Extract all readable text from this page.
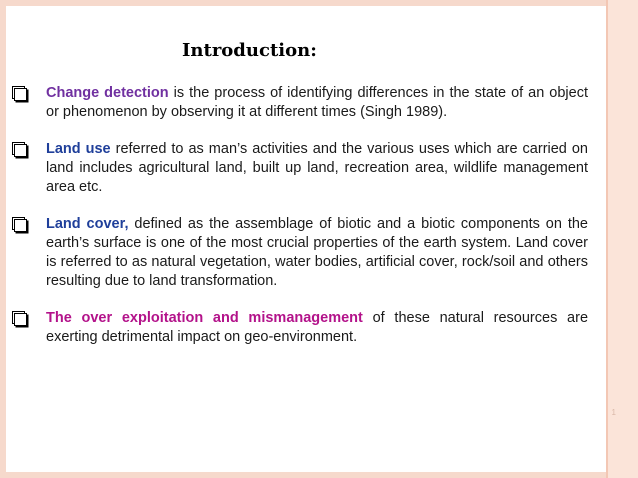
Introduction:
Change detection is the process of identifying differences in the state of an object or phenomenon by observing it at different times (Singh 1989).
Land use referred to as man’s activities and the various uses which are carried on land includes agricultural land, built up land, recreation area, wildlife management area etc.
Land cover, defined as the assemblage of biotic and a biotic components on the earth’s surface is one of the most crucial properties of the earth system. Land cover is referred to as natural vegetation, water bodies, artificial cover, rock/soil and others resulting due to land transformation.
The over exploitation and mismanagement of these natural resources are exerting detrimental impact on geo-environment.
1
